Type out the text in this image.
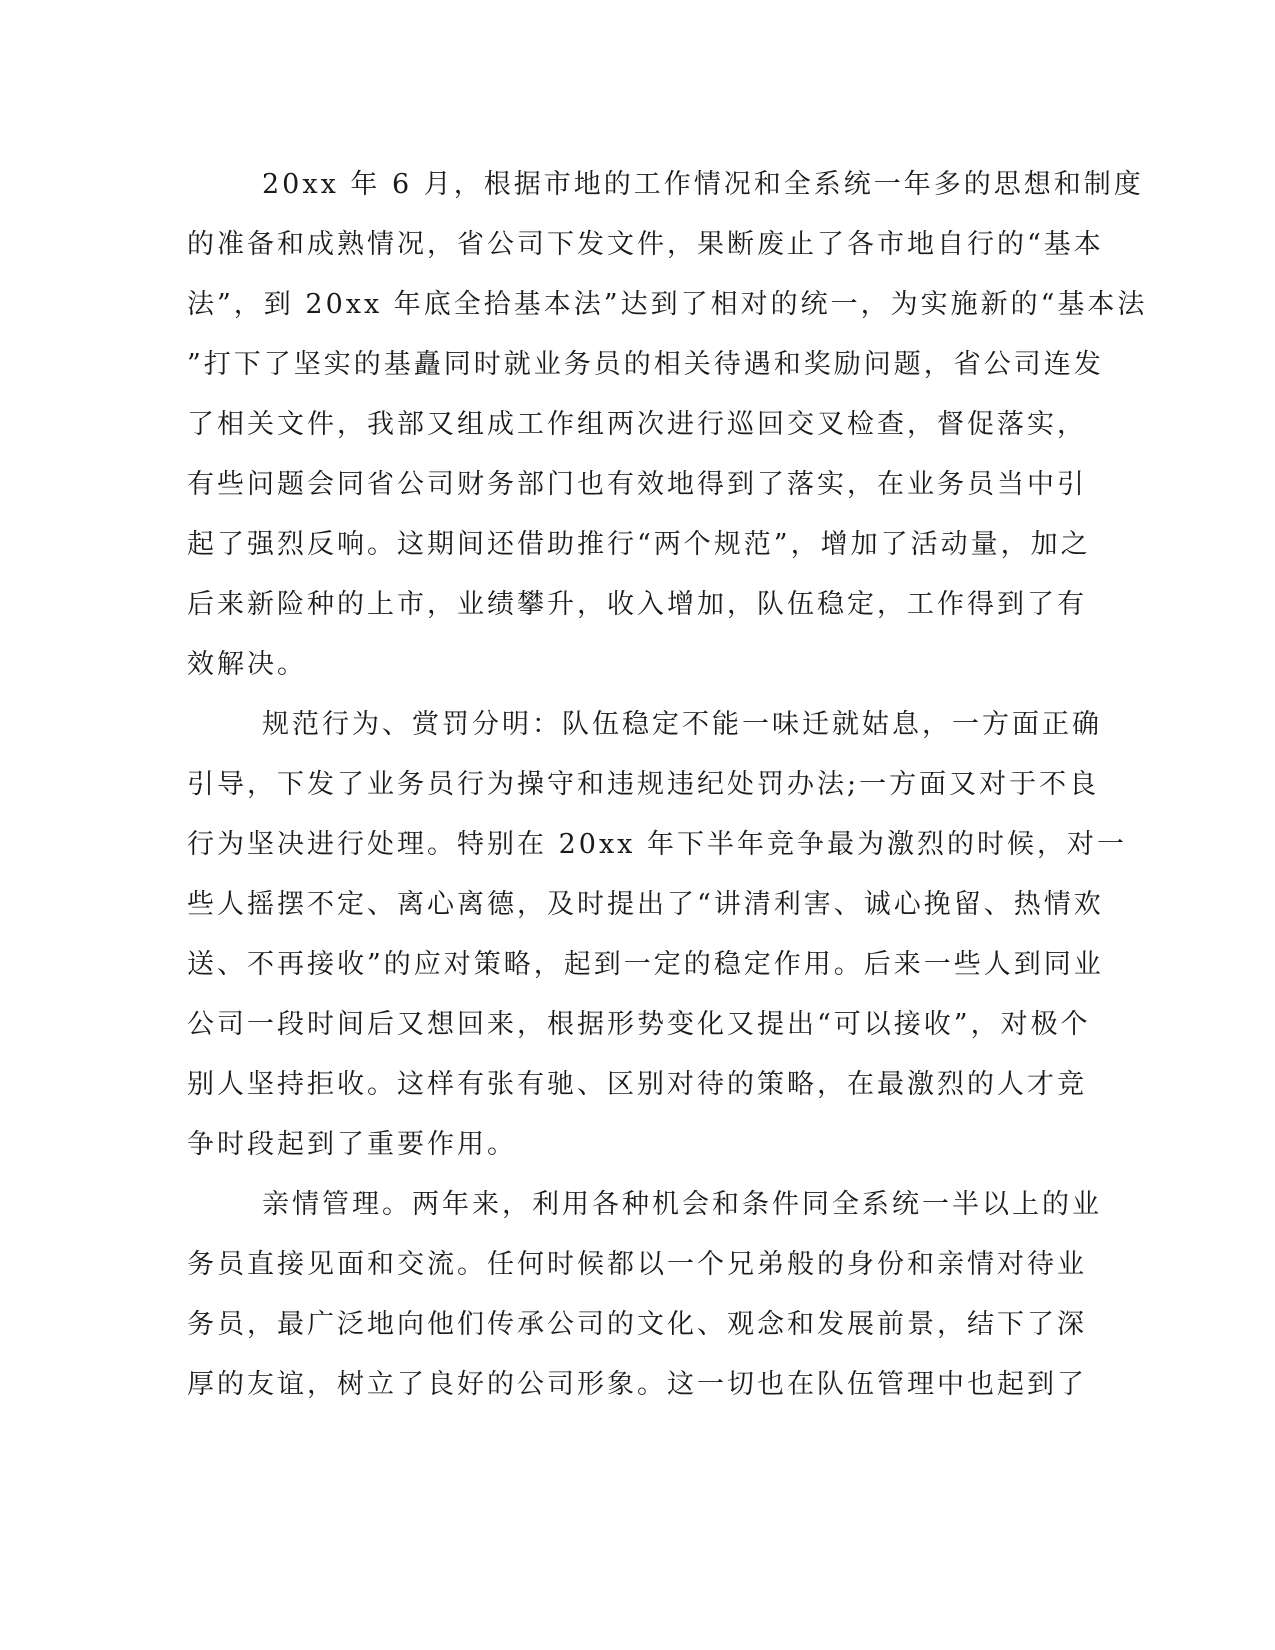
20xx 年 6 月，根据市地的工作情况和全系统一年多的思想和制度
的准备和成熟情况，省公司下发文件，果断废止了各市地自行的“基本
法”，到 20xx 年底全拾基本法”达到了相对的统一，为实施新的“基本法
”打下了坚实的基矗同时就业务员的相关待遇和奖励问题，省公司连发
了相关文件，我部又组成工作组两次进行巡回交叉检查，督促落实，
有些问题会同省公司财务部门也有效地得到了落实，在业务员当中引
起了强烈反响。这期间还借助推行“两个规范”，增加了活动量，加之
后来新险种的上市，业绩攀升，收入增加，队伍稳定，工作得到了有
效解决。
规范行为、赏罚分明：队伍稳定不能一味迁就姑息，一方面正确
引导，下发了业务员行为操守和违规违纪处罚办法;一方面又对于不良
行为坚决进行处理。特别在 20xx 年下半年竞争最为激烈的时候，对一
些人摇摆不定、离心离德，及时提出了“讲清利害、诚心挽留、热情欢
送、不再接收”的应对策略，起到一定的稳定作用。后来一些人到同业
公司一段时间后又想回来，根据形势变化又提出“可以接收”，对极个
别人坚持拒收。这样有张有驰、区别对待的策略，在最激烈的人才竞
争时段起到了重要作用。
亲情管理。两年来，利用各种机会和条件同全系统一半以上的业
务员直接见面和交流。任何时候都以一个兄弟般的身份和亲情对待业
务员，最广泛地向他们传承公司的文化、观念和发展前景，结下了深
厚的友谊，树立了良好的公司形象。这一切也在队伍管理中也起到了
